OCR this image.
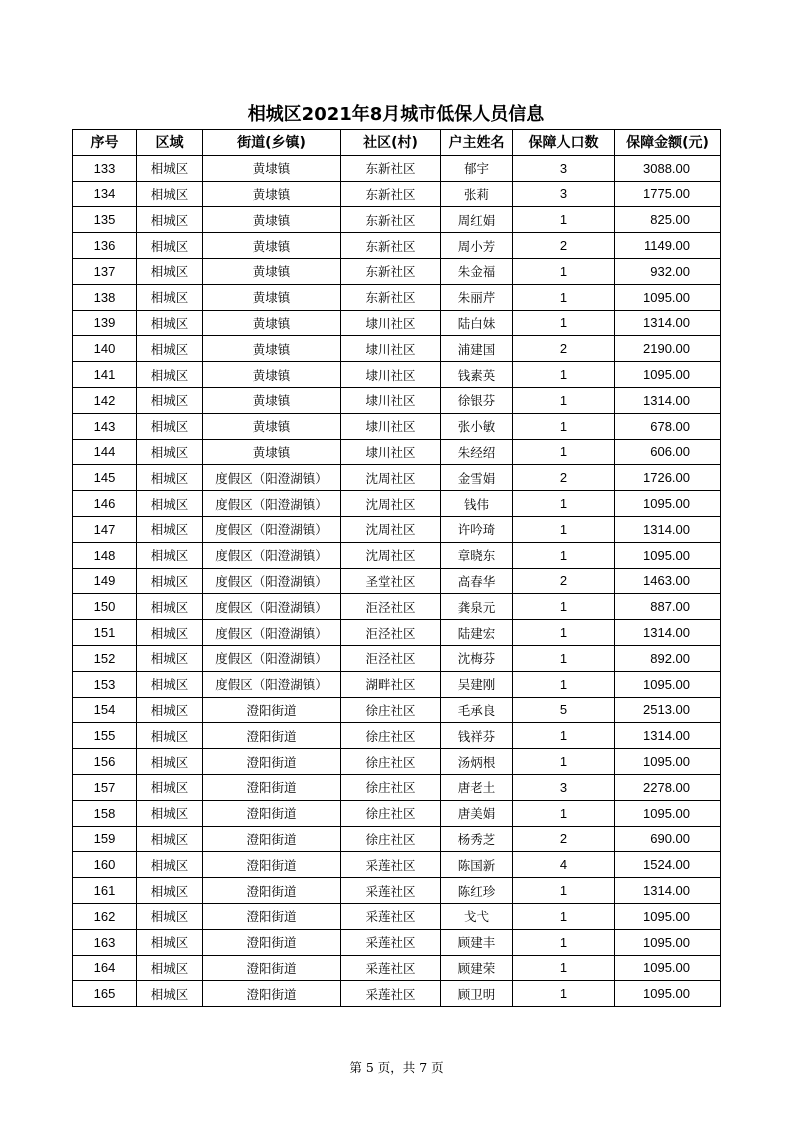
相城区2021年8月城市低保人员信息
序号	区域	街道(乡镇)	社区(村)	户主姓名	保障人口数	保障金额(元)
133	相城区	黄埭镇	东新社区	郁宇	3	3088.00
134	相城区	黄埭镇	东新社区	张莉	3	1775.00
135	相城区	黄埭镇	东新社区	周红娟	1	825.00
136	相城区	黄埭镇	东新社区	周小芳	2	1149.00
137	相城区	黄埭镇	东新社区	朱金福	1	932.00
138	相城区	黄埭镇	东新社区	朱丽芹	1	1095.00
139	相城区	黄埭镇	埭川社区	陆白妹	1	1314.00
140	相城区	黄埭镇	埭川社区	浦建国	2	2190.00
141	相城区	黄埭镇	埭川社区	钱素英	1	1095.00
142	相城区	黄埭镇	埭川社区	徐银芬	1	1314.00
143	相城区	黄埭镇	埭川社区	张小敏	1	678.00
144	相城区	黄埭镇	埭川社区	朱经绍	1	606.00
145	相城区	度假区（阳澄湖镇）	沈周社区	金雪娟	2	1726.00
146	相城区	度假区（阳澄湖镇）	沈周社区	钱伟	1	1095.00
147	相城区	度假区（阳澄湖镇）	沈周社区	许吟琦	1	1314.00
148	相城区	度假区（阳澄湖镇）	沈周社区	章晓东	1	1095.00
149	相城区	度假区（阳澄湖镇）	圣堂社区	高春华	2	1463.00
150	相城区	度假区（阳澄湖镇）	洰泾社区	龚泉元	1	887.00
151	相城区	度假区（阳澄湖镇）	洰泾社区	陆建宏	1	1314.00
152	相城区	度假区（阳澄湖镇）	洰泾社区	沈梅芬	1	892.00
153	相城区	度假区（阳澄湖镇）	湖畔社区	吴建刚	1	1095.00
154	相城区	澄阳街道	徐庄社区	毛承良	5	2513.00
155	相城区	澄阳街道	徐庄社区	钱祥芬	1	1314.00
156	相城区	澄阳街道	徐庄社区	汤炳根	1	1095.00
157	相城区	澄阳街道	徐庄社区	唐老土	3	2278.00
158	相城区	澄阳街道	徐庄社区	唐美娟	1	1095.00
159	相城区	澄阳街道	徐庄社区	杨秀芝	2	690.00
160	相城区	澄阳街道	采莲社区	陈国新	4	1524.00
161	相城区	澄阳街道	采莲社区	陈红珍	1	1314.00
162	相城区	澄阳街道	采莲社区	戈弋	1	1095.00
163	相城区	澄阳街道	采莲社区	顾建丰	1	1095.00
164	相城区	澄阳街道	采莲社区	顾建荣	1	1095.00
165	相城区	澄阳街道	采莲社区	顾卫明	1	1095.00
第 5 页，共 7 页
